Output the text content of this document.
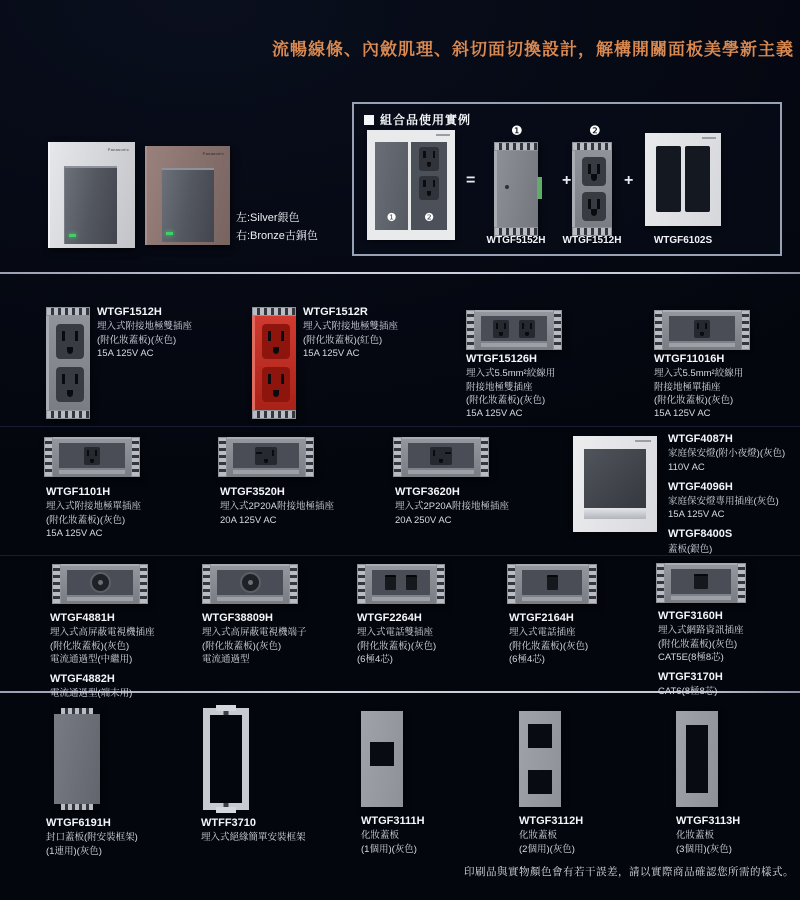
流暢線條、內斂肌理、斜切面切換設計，解構開關面板美學新主義
Panasonic
Panasonic
左:Silver銀色
右:Bronze古銅色
組合品使用實例
❶	❷
=
❶
WTGF5152H
+
❷
WTGF1512H
+
WTGF6102S
印刷品與實物顏色會有若干誤差，請以實際商品確認您所需的樣式。
WTGF1512H
埋入式附接地極雙插座
(附化妝蓋板)(灰色)
15A 125V AC
WTGF1512R
埋入式附接地極雙插座
(附化妝蓋板)(紅色)
15A 125V AC	WTGF15126H
埋入式5.5mm²絞線用
附接地極雙插座
(附化妝蓋板)(灰色)
15A 125V AC
WTGF11016H
埋入式5.5mm²絞線用
附接地極單插座
(附化妝蓋板)(灰色)
15A 125V AC
WTGF1101H
埋入式附接地極單插座
(附化妝蓋板)(灰色)
15A 125V AC
WTGF3520H
埋入式2P20A附接地極插座
20A 125V AC
WTGF3620H
埋入式2P20A附接地極插座
20A 250V AC
WTGF4087H
家庭保安燈(附小夜燈)(灰色)
110V AC
WTGF4096H
家庭保安燈專用插座(灰色)
15A 125V AC
WTGF8400S
蓋板(銀色)
WTGF4881H
埋入式高屏蔽電視機插座
(附化妝蓋板)(灰色)
電流通過型(中繼用)
WTGF4882H
電流通過型(端末用)
WTGF38809H
埋入式高屏蔽電視機端子
(附化妝蓋板)(灰色)
電流通過型
WTGF2264H
埋入式電話雙插座
(附化妝蓋板)(灰色)
(6極4芯)
WTGF2164H
埋入式電話插座
(附化妝蓋板)(灰色)
(6極4芯)
WTGF3160H
埋入式網路資訊插座
(附化妝蓋板)(灰色)
CAT5E(8極8芯)
WTGF3170H
CAT6(8極8芯)
WTGF6191H
封口蓋板(附安裝框架)
(1連用)(灰色)
WTFF3710
埋入式絕緣簡單安裝框架
WTGF3111H
化妝蓋板
(1個用)(灰色)
WTGF3112H
化妝蓋板
(2個用)(灰色)
WTGF3113H
化妝蓋板
(3個用)(灰色)
